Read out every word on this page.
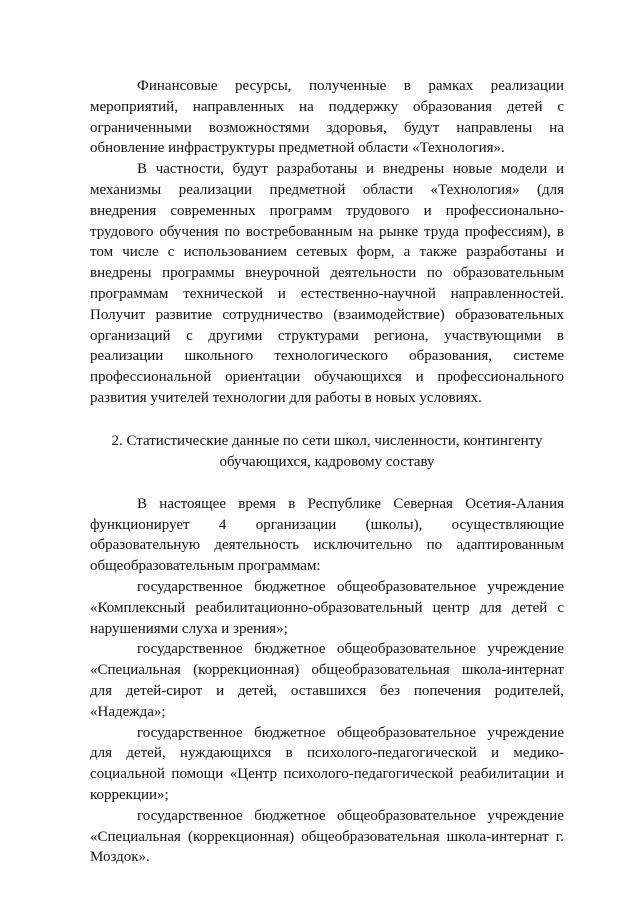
Финансовые ресурсы, полученные в рамках реализации мероприятий, направленных на поддержку образования детей с ограниченными возможностями здоровья, будут направлены на обновление инфраструктуры предметной области «Технология».

В частности, будут разработаны и внедрены новые модели и механизмы реализации предметной области «Технология» (для внедрения современных программ трудового и профессионально-трудового обучения по востребованным на рынке труда профессиям), в том числе с использованием сетевых форм, а также разработаны и внедрены программы внеурочной деятельности по образовательным программам технической и естественно-научной направленностей. Получит развитие сотрудничество (взаимодействие) образовательных организаций с другими структурами региона, участвующими в реализации школьного технологического образования, системе профессиональной ориентации обучающихся и профессионального развития учителей технологии для работы в новых условиях.

2. Статистические данные по сети школ, численности, контингенту обучающихся, кадровому составу

В настоящее время в Республике Северная Осетия-Алания функционирует 4 организации (школы), осуществляющие образовательную деятельность исключительно по адаптированным общеобразовательным программам:

государственное бюджетное общеобразовательное учреждение «Комплексный реабилитационно-образовательный центр для детей с нарушениями слуха и зрения»;

государственное бюджетное общеобразовательное учреждение «Специальная (коррекционная) общеобразовательная школа-интернат для детей-сирот и детей, оставшихся без попечения родителей, «Надежда»;

государственное бюджетное общеобразовательное учреждение для детей, нуждающихся в психолого-педагогической и медико-социальной помощи «Центр психолого-педагогической реабилитации и коррекции»;

государственное бюджетное общеобразовательное учреждение «Специальная (коррекционная) общеобразовательная школа-интернат г. Моздок».
